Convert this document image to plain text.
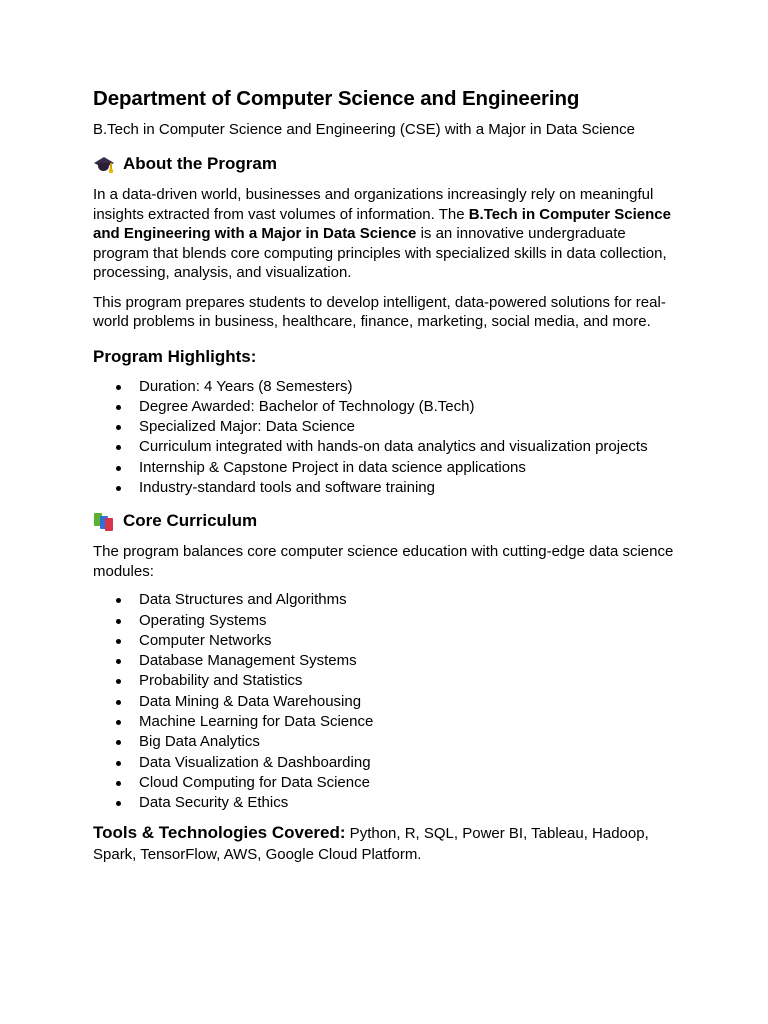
Department of Computer Science and Engineering
B.Tech in Computer Science and Engineering (CSE) with a Major in Data Science
About the Program

In a data-driven world, businesses and organizations increasingly rely on meaningful insights extracted from vast volumes of information. The B.Tech in Computer Science and Engineering with a Major in Data Science is an innovative undergraduate program that blends core computing principles with specialized skills in data collection, processing, analysis, and visualization.

This program prepares students to develop intelligent, data-powered solutions for real-world problems in business, healthcare, finance, marketing, social media, and more.

Program Highlights:
Duration: 4 Years (8 Semesters)
Degree Awarded: Bachelor of Technology (B.Tech)
Specialized Major: Data Science
Curriculum integrated with hands-on data analytics and visualization projects
Internship & Capstone Project in data science applications
Industry-standard tools and software training
Core Curriculum

The program balances core computer science education with cutting-edge data science modules:

Data Structures and Algorithms
Operating Systems
Computer Networks
Database Management Systems
Probability and Statistics
Data Mining & Data Warehousing
Machine Learning for Data Science
Big Data Analytics
Data Visualization & Dashboarding
Cloud Computing for Data Science
Data Security & Ethics

Tools & Technologies Covered: Python, R, SQL, Power BI, Tableau, Hadoop, Spark, TensorFlow, AWS, Google Cloud Platform.
